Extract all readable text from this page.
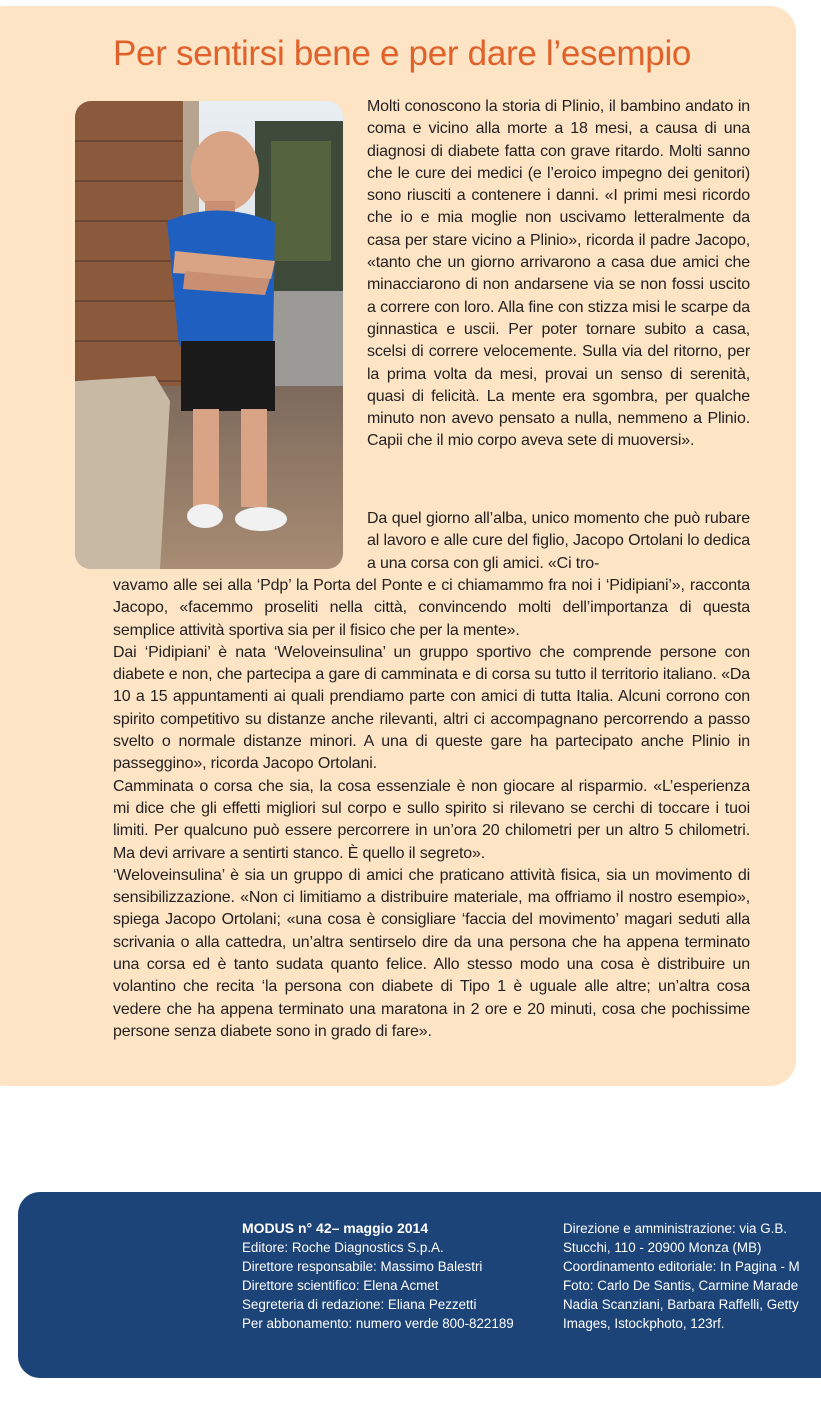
Per sentirsi bene e per dare l’esempio

Molti conoscono la storia di Plinio, il bambino andato in coma e vicino alla morte a 18 mesi, a causa di una diagnosi di diabete fatta con grave ritardo. Molti sanno che le cure dei medici (e l’eroico impegno dei genitori) sono riusciti a contenere i danni. «I primi mesi ricordo che io e mia moglie non uscivamo letteralmente da casa per stare vicino a Plinio», ricorda il padre Jacopo, «tanto che un giorno arrivarono a casa due amici che minacciarono di non andarsene via se non fossi uscito a correre con loro. Alla fine con stizza misi le scarpe da ginnastica e uscii. Per poter tornare subito a casa, scelsi di correre velocemente. Sulla via del ritorno, per la prima volta da mesi, provai un senso di serenità, quasi di felicità. La mente era sgombra, per qualche minuto non avevo pensato a nulla, nemmeno a Plinio. Capii che il mio corpo aveva sete di muoversi».

Da quel giorno all’alba, unico momento che può rubare al lavoro e alle cure del figlio, Jacopo Ortolani lo dedica a una corsa con gli amici. «Ci tro-

vavamo alle sei alla ‘Pdp’ la Porta del Ponte e ci chiamammo fra noi i ‘Pidipiani’», racconta Jacopo, «facemmo proseliti nella città, convincendo molti dell’importanza di questa semplice attività sportiva sia per il fisico che per la mente».

Dai ‘Pidipiani’ è nata ‘Weloveinsulina’ un gruppo sportivo che comprende persone con diabete e non, che partecipa a gare di camminata e di corsa su tutto il territorio italiano. «Da 10 a 15 appuntamenti ai quali prendiamo parte con amici di tutta Italia. Alcuni corrono con spirito competitivo su distanze anche rilevanti, altri ci accompagnano percorrendo a passo svelto o normale distanze minori. A una di queste gare ha partecipato anche Plinio in passeggino», ricorda Jacopo Ortolani.

Camminata o corsa che sia, la cosa essenziale è non giocare al risparmio. «L’esperienza mi dice che gli effetti migliori sul corpo e sullo spirito si rilevano se cerchi di toccare i tuoi limiti. Per qualcuno può essere percorrere in un’ora 20 chilometri per un altro 5 chilometri. Ma devi arrivare a sentirti stanco. È quello il segreto».

‘Weloveinsulina’ è sia un gruppo di amici che praticano attività fisica, sia un movimento di sensibilizzazione. «Non ci limitiamo a distribuire materiale, ma offriamo il nostro esempio», spiega Jacopo Ortolani; «una cosa è consigliare ‘faccia del movimento’ magari seduti alla scrivania o alla cattedra, un’altra sentirselo dire da una persona che ha appena terminato una corsa ed è tanto sudata quanto felice. Allo stesso modo una cosa è distribuire un volantino che recita ‘la persona con diabete di Tipo 1 è uguale alle altre; un’altra cosa vedere che ha appena terminato una maratona in 2 ore e 20 minuti, cosa che pochissime persone senza diabete sono in grado di fare».

MODUS n° 42– maggio 2014
Editore: Roche Diagnostics S.p.A.
Direttore responsabile: Massimo Balestri
Direttore scientifico: Elena Acmet
Segreteria di redazione: Eliana Pezzetti
Per abbonamento: numero verde 800-822189
Direzione e amministrazione: via G.B.
Stucchi, 110 - 20900 Monza (MB)
Coordinamento editoriale: In Pagina - M
Foto: Carlo De Santis, Carmine Marade
Nadia Scanziani, Barbara Raffelli, Getty
Images, Istockphoto, 123rf.
